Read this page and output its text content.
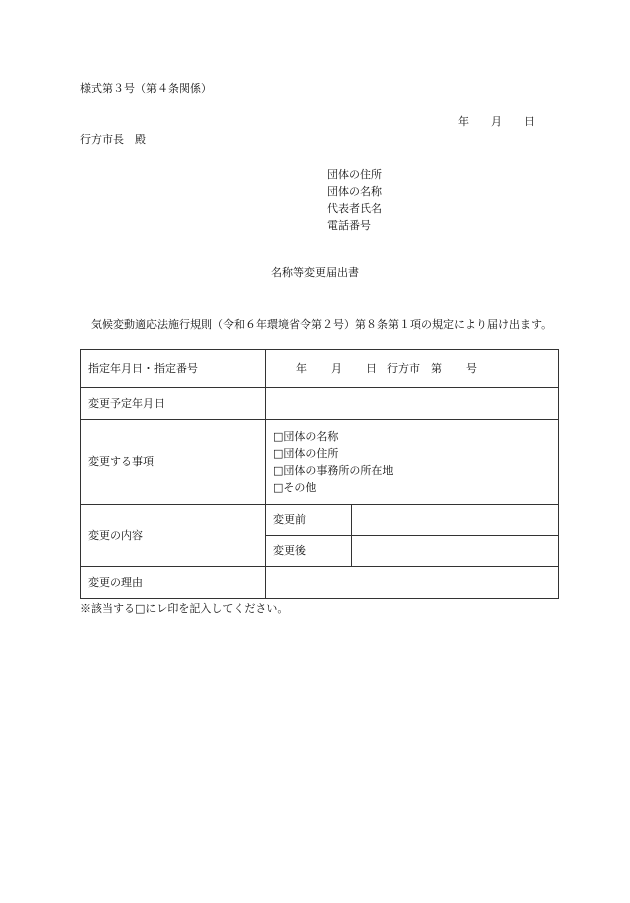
様式第３号（第４条関係）
年 月 日
行方市長　殿
団体の住所
団体の名称
代表者氏名
電話番号
名称等変更届出書
気候変動適応法施行規則（令和６年環境省令第２号）第８条第１項の規定により届け出ます。
指定年月日・指定番号	年 月 日 行方市 第 号	
変更予定年月日		
変更する事項	□団体の名称
□団体の住所
□団体の事務所の所在地
□その他	

変更の内容	変更前	
	変更後	
変更の理由		
※該当する□にレ印を記入してください。
